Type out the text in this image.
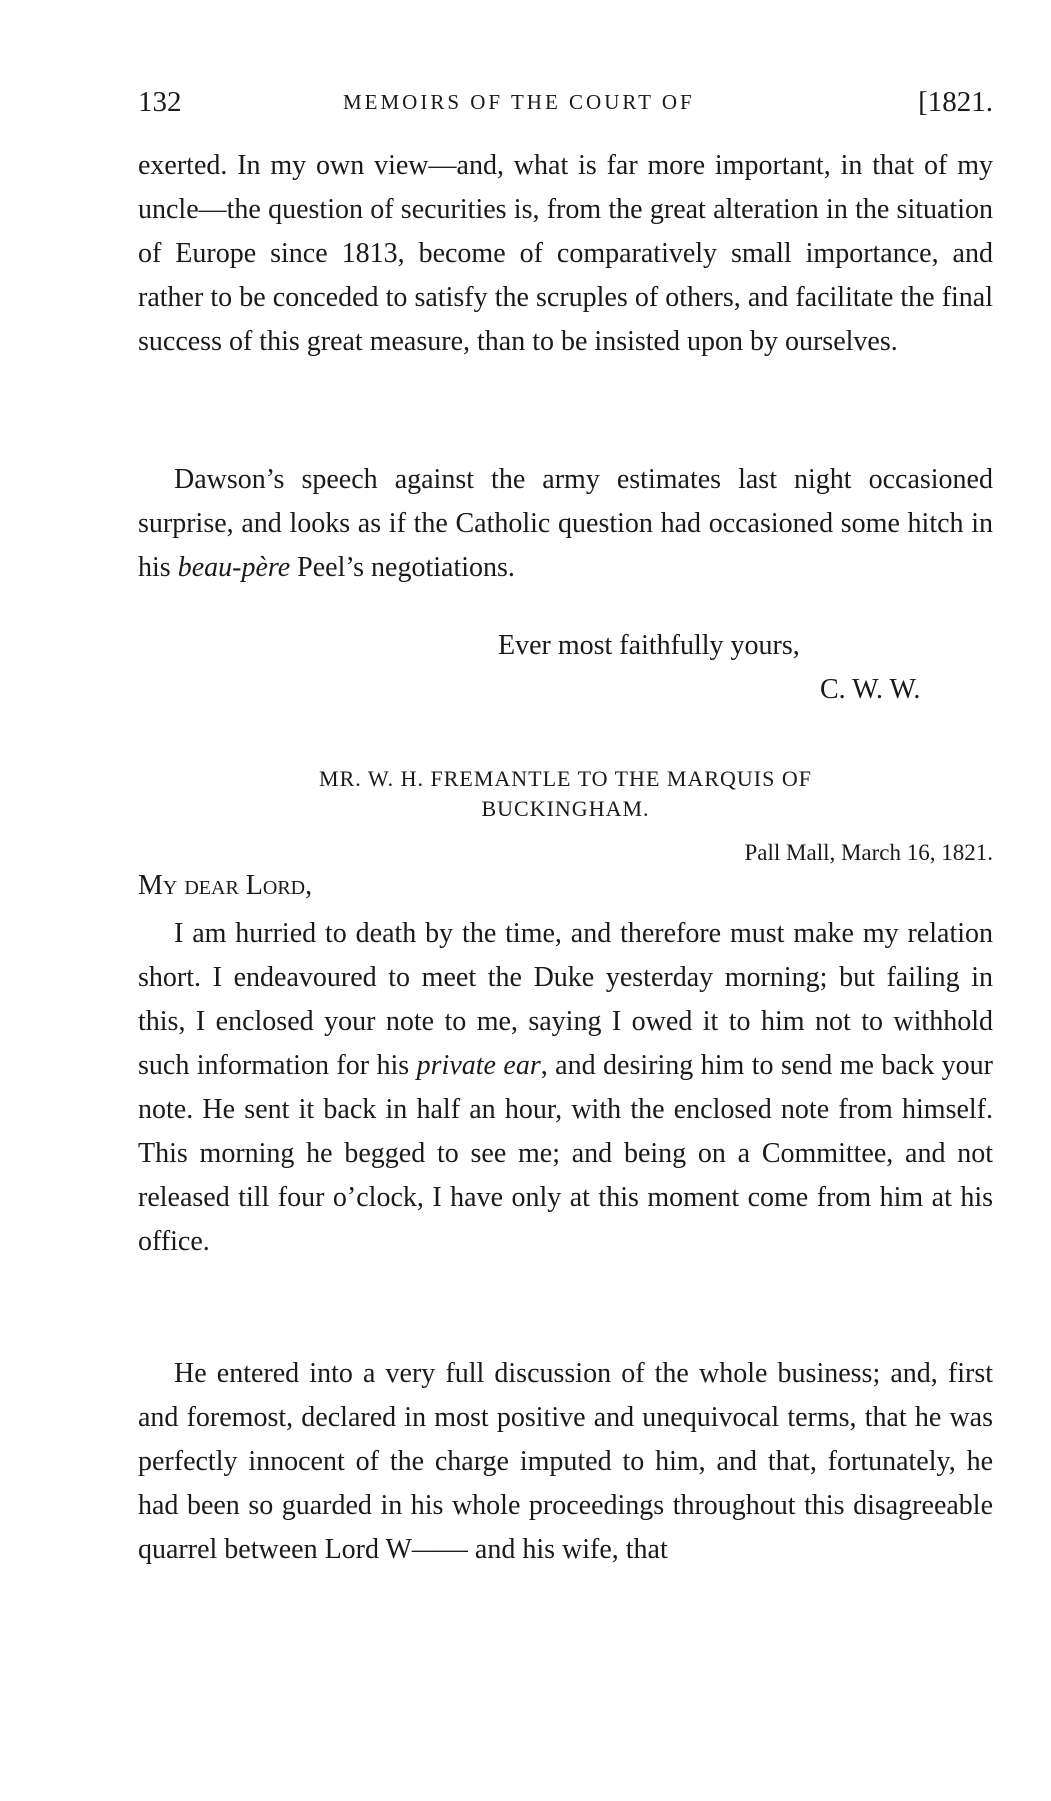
132	MEMOIRS OF THE COURT OF	[1821.

exerted. In my own view—and, what is far more important, in that of my uncle—the question of securities is, from the great alteration in the situation of Europe since 1813, become of comparatively small importance, and rather to be conceded to satisfy the scruples of others, and facilitate the final success of this great measure, than to be insisted upon by ourselves.

Dawson’s speech against the army estimates last night occasioned surprise, and looks as if the Catholic question had occasioned some hitch in his beau-père Peel’s negotiations.

Ever most faithfully yours,
C. W. W.
MR. W. H. FREMANTLE TO THE MARQUIS OF
BUCKINGHAM.
Pall Mall, March 16, 1821.
My dear Lord,

I am hurried to death by the time, and therefore must make my relation short. I endeavoured to meet the Duke yesterday morning; but failing in this, I enclosed your note to me, saying I owed it to him not to withhold such information for his private ear, and desiring him to send me back your note. He sent it back in half an hour, with the enclosed note from himself. This morning he begged to see me; and being on a Committee, and not released till four o’clock, I have only at this moment come from him at his office.

He entered into a very full discussion of the whole business; and, first and foremost, declared in most positive and unequivocal terms, that he was perfectly innocent of the charge imputed to him, and that, fortunately, he had been so guarded in his whole proceedings throughout this disagreeable quarrel between Lord W—— and his wife, that
